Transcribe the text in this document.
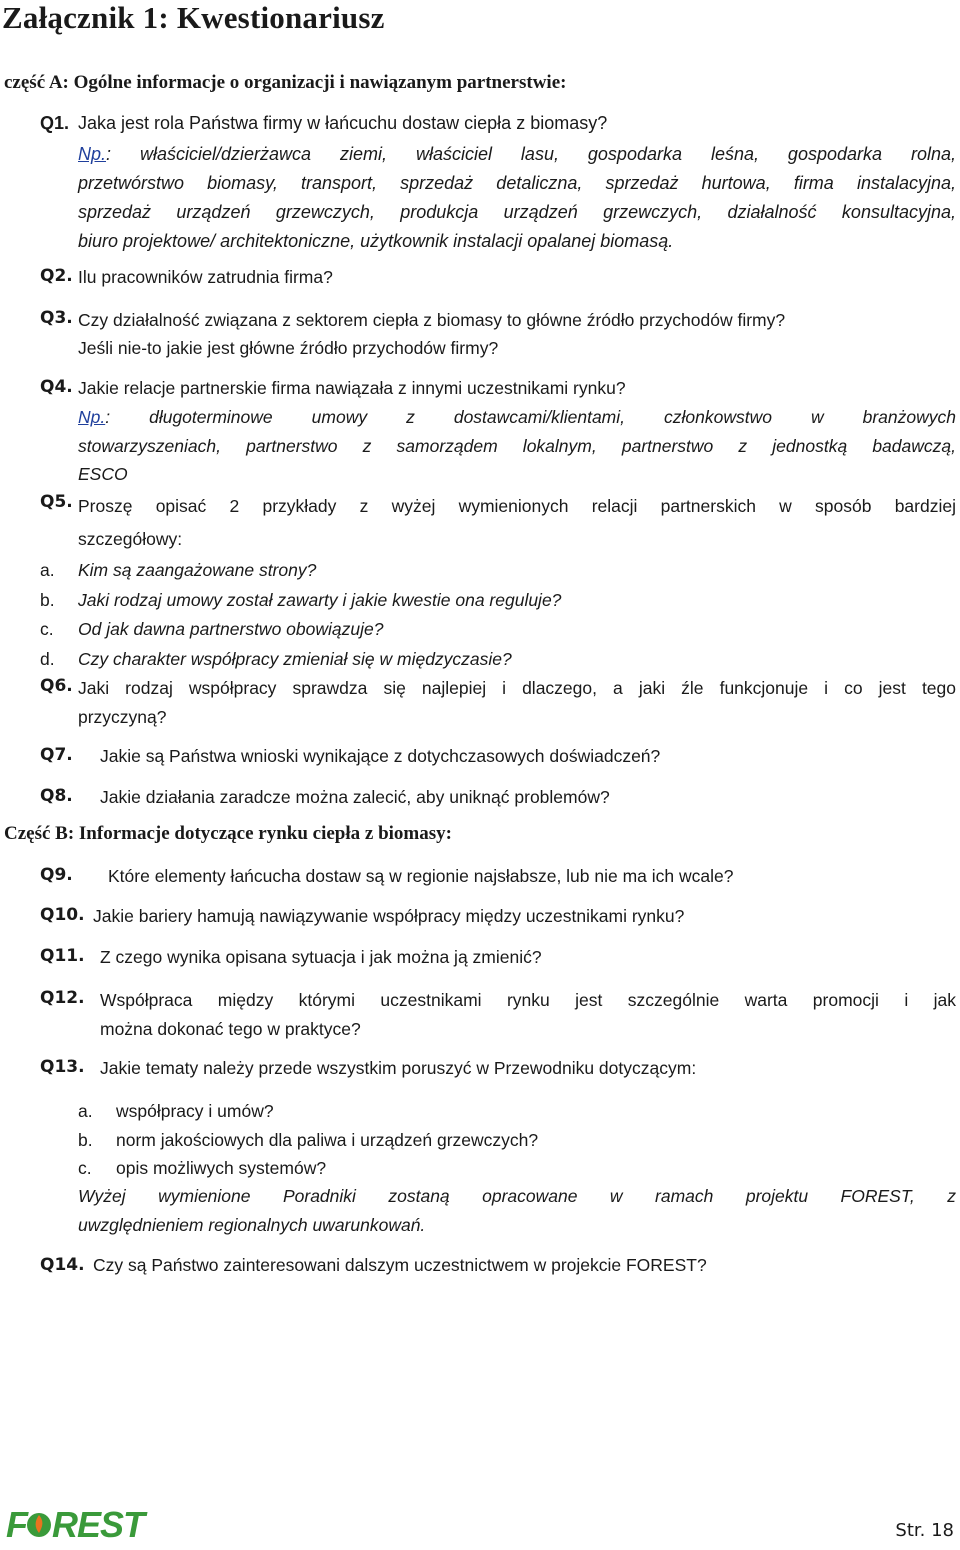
Załącznik 1: Kwestionariusz
część A: Ogólne informacje o organizacji i nawiązanym partnerstwie:
Q1. Jaka jest rola Państwa firmy w łańcuchu dostaw ciepła z biomasy?
Np.: właściciel/dzierżawca ziemi, właściciel lasu, gospodarka leśna, gospodarka rolna,
przetwórstwo biomasy, transport, sprzedaż detaliczna, sprzedaż hurtowa, firma instalacyjna,
sprzedaż urządzeń grzewczych, produkcja urządzeń grzewczych, działalność konsultacyjna,
biuro projektowe/ architektoniczne, użytkownik instalacji opalanej biomasą.
Q2. Ilu pracowników zatrudnia firma?
Q3. Czy działalność związana z sektorem ciepła z biomasy to główne źródło przychodów firmy?
Jeśli nie-to jakie jest główne źródło przychodów firmy?
Q4. Jakie relacje partnerskie firma nawiązała z innymi uczestnikami rynku?
Np.: długoterminowe umowy z dostawcami/klientami, członkowstwo w branżowych
stowarzyszeniach, partnerstwo z samorządem lokalnym, partnerstwo z jednostką badawczą,
ESCO
Q5. Proszę opisać 2 przykłady z wyżej wymienionych relacji partnerskich w sposób bardziej
szczegółowy:
a. Kim są zaangażowane strony?
b. Jaki rodzaj umowy został zawarty i jakie kwestie ona reguluje?
c. Od jak dawna partnerstwo obowiązuje?
d. Czy charakter współpracy zmieniał się w międzyczasie?
Q6. Jaki rodzaj współpracy sprawdza się najlepiej i dlaczego, a jaki źle funkcjonuje i co jest tego
przyczyną?
Q7. Jakie są Państwa wnioski wynikające z dotychczasowych doświadczeń?
Q8. Jakie działania zaradcze można zalecić, aby uniknąć problemów?
Część B: Informacje dotyczące rynku ciepła z biomasy:
Q9. Które elementy łańcucha dostaw są w regionie najsłabsze, lub nie ma ich wcale?
Q10. Jakie bariery hamują nawiązywanie współpracy między uczestnikami rynku?
Q11. Z czego wynika opisana sytuacja i jak można ją zmienić?
Q12. Współpraca między którymi uczestnikami rynku jest szczególnie warta promocji i jak
można dokonać tego w praktyce?
Q13. Jakie tematy należy przede wszystkim poruszyć w Przewodniku dotyczącym:
a. współpracy i umów?
b. norm jakościowych dla paliwa i urządzeń grzewczych?
c. opis możliwych systemów?
Wyżej wymienione Poradniki zostaną opracowane w ramach projektu FOREST, z
uwzględnieniem regionalnych uwarunkowań.
Q14. Czy są Państwo zainteresowani dalszym uczestnictwem w projekcie FOREST?
F REST	Str. 18
